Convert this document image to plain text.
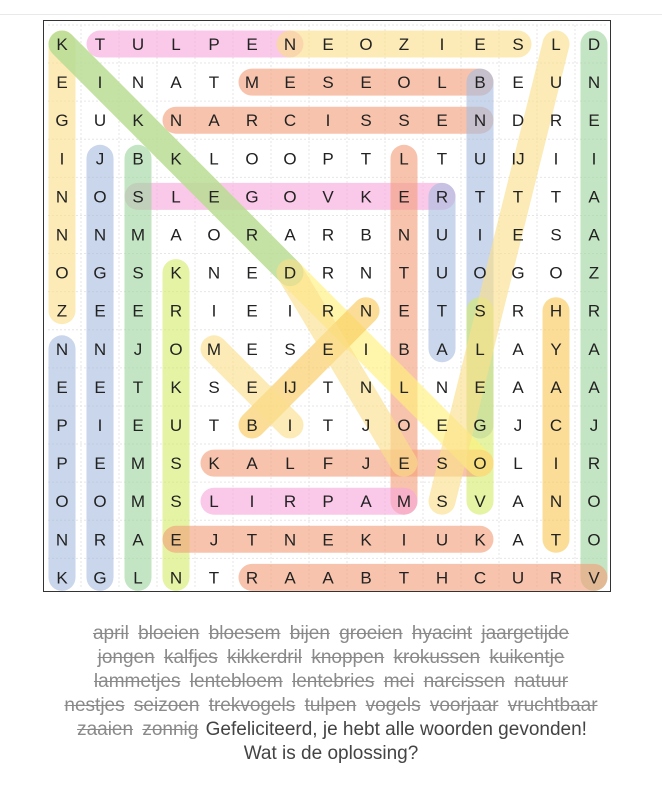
K T U L P E N E O Z I E S L D
E I N A T M E S E O L B E U N
G U K N A R C I S S E N D R E
I J B K L O O P T L T U IJ I I
N O S L E G O V K E R T T T A
N N M A O R A R B N U I E S A
O G S K N E D R N T U O G O Z
Z E E R I E I R N E T S R H R
N N J O M E S E I B A L A Y A
E E T K S E IJ T N L N E A A A
P I E U T B I T J O E G J C J
P E M S K A L F J E S O L I R
O O M S L I R P A M S V A N O
N R A E J T N E K I U K A T O
K G L N T R A A B T H C U R V
april bloeien bloesem bijen groeien hyacint jaargetijde jongen kalfjes kikkerdril knoppen krokussen kuikentje lammetjes lentebloem lentebries mei narcissen natuur nestjes seizoen trekvogels tulpen vogels voorjaar vruchtbaar zaaien zonnig Gefeliciteerd, je hebt alle woorden gevonden! Wat is de oplossing?
